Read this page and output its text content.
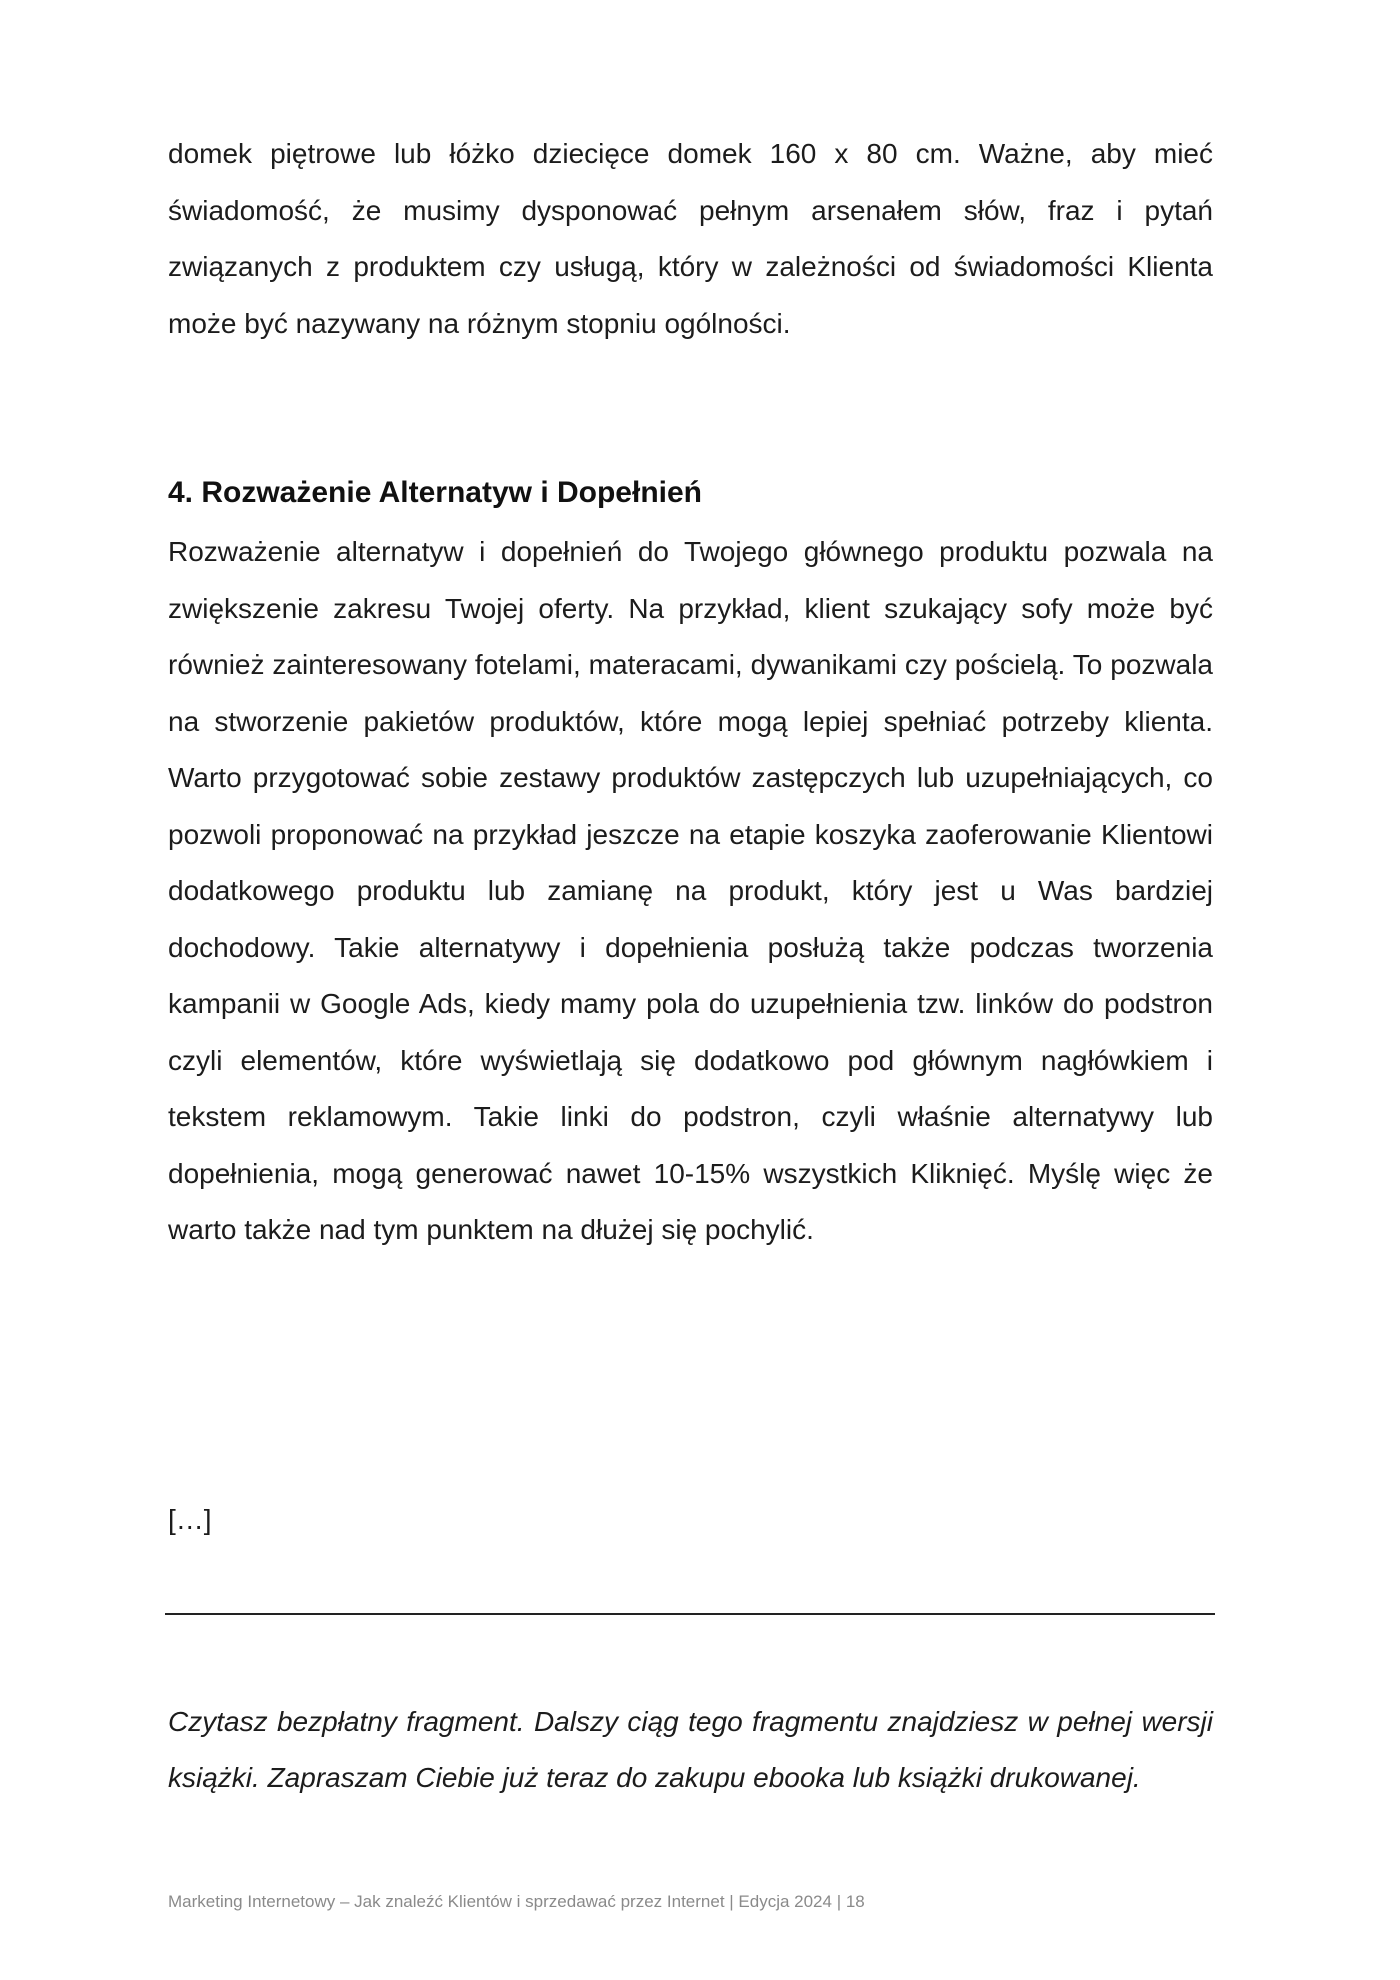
domek piętrowe lub łóżko dziecięce domek 160 x 80 cm. Ważne, aby mieć świadomość, że musimy dysponować pełnym arsenałem słów, fraz i pytań związanych z produktem czy usługą, który w zależności od świadomości Klienta może być nazywany na różnym stopniu ogólności.

4. Rozważenie Alternatyw i Dopełnień

Rozważenie alternatyw i dopełnień do Twojego głównego produktu pozwala na zwiększenie zakresu Twojej oferty. Na przykład, klient szukający sofy może być również zainteresowany fotelami, materacami, dywanikami czy pościelą. To pozwala na stworzenie pakietów produktów, które mogą lepiej spełniać potrzeby klienta. Warto przygotować sobie zestawy produktów zastępczych lub uzupełniających, co pozwoli proponować na przykład jeszcze na etapie koszyka zaoferowanie Klientowi dodatkowego produktu lub zamianę na produkt, który jest u Was bardziej dochodowy. Takie alternatywy i dopełnienia posłużą także podczas tworzenia kampanii w Google Ads, kiedy mamy pola do uzupełnienia tzw. linków do podstron czyli elementów, które wyświetlają się dodatkowo pod głównym nagłówkiem i tekstem reklamowym. Takie linki do podstron, czyli właśnie alternatywy lub dopełnienia, mogą generować nawet 10-15% wszystkich Kliknięć. Myślę więc że warto także nad tym punktem na dłużej się pochylić.

[…]

Czytasz bezpłatny fragment. Dalszy ciąg tego fragmentu znajdziesz w pełnej wersji książki. Zapraszam Ciebie już teraz do zakupu ebooka lub książki drukowanej.

Marketing Internetowy – Jak znaleźć Klientów i sprzedawać przez Internet | Edycja 2024 | 18
